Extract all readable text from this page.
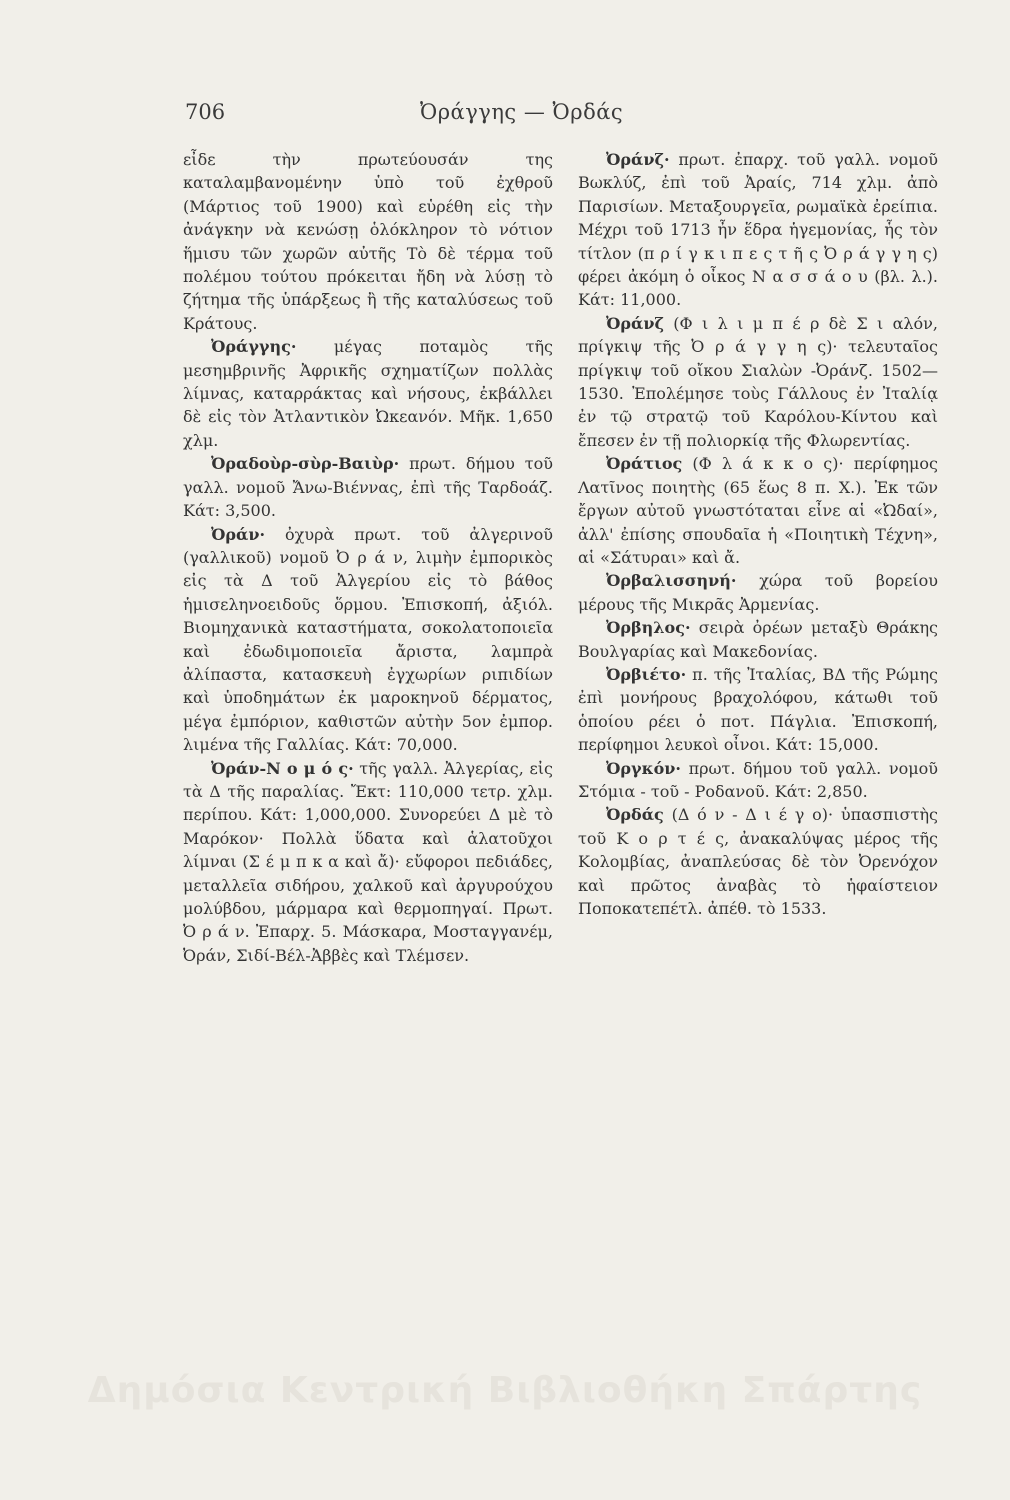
706	Ὀράγγης — Ὀρδάς

εἶδε τὴν πρωτεύουσάν της καταλαμβανομένην ὑπὸ τοῦ ἐχθροῦ (Μάρτιος τοῦ 1900) καὶ εὑρέθη εἰς τὴν ἀνάγκην νὰ κενώσῃ ὁλόκληρον τὸ νότιον ἥμισυ τῶν χωρῶν αὐτῆς Τὸ δὲ τέρμα τοῦ πολέμου τούτου πρόκειται ἤδη νὰ λύσῃ τὸ ζήτημα τῆς ὑπάρξεως ἢ τῆς καταλύσεως τοῦ Κράτους.

Ὀράγγης· μέγας ποταμὸς τῆς μεσημβρινῆς Ἀφρικῆς σχηματίζων πολλὰς λίμνας, καταρράκτας καὶ νήσους, ἐκβάλλει δὲ εἰς τὸν Ἀτλαντικὸν Ὠκεανόν. Μῆκ. 1,650 χλμ.

Ὀραδοὺρ-σὺρ-Βαιὺρ· πρωτ. δήμου τοῦ γαλλ. νομοῦ Ἄνω-Βιέννας, ἐπὶ τῆς Ταρδοάζ. Κάτ: 3,500.

Ὀράν· ὀχυρὰ πρωτ. τοῦ ἀλγερινοῦ (γαλλικοῦ) νομοῦ Ὀ ρ ά ν, λιμὴν ἐμπορικὸς εἰς τὰ Δ τοῦ Ἀλγερίου εἰς τὸ βάθος ἡμισεληνοειδοῦς ὅρμου. Ἐπισκοπή, ἀξιόλ. Βιομηχανικὰ καταστήματα, σοκολατοποιεῖα καὶ ἐδωδιμοποιεῖα ἄριστα, λαμπρὰ ἀλίπαστα, κατασκευὴ ἐγχωρίων ριπιδίων καὶ ὑποδημάτων ἐκ μαροκηνοῦ δέρματος, μέγα ἐμπόριον, καθιστῶν αὐτὴν 5ον ἐμπορ. λιμένα τῆς Γαλλίας. Κάτ: 70,000.

Ὀράν-Ν ο μ ό ς· τῆς γαλλ. Ἀλγερίας, εἰς τὰ Δ τῆς παραλίας. Ἔκτ: 110,000 τετρ. χλμ. περίπου. Κάτ: 1,000,000. Συνορεύει Δ μὲ τὸ Μαρόκον· Πολλὰ ὕδατα καὶ ἁλατοῦχοι λίμναι (Σ έ μ π κ α καὶ ἄ)· εὔφοροι πεδιάδες, μεταλλεῖα σιδήρου, χαλκοῦ καὶ ἀργυρούχου μολύβδου, μάρμαρα καὶ θερμοπηγαί. Πρωτ. Ὀ ρ ά ν. Ἐπαρχ. 5. Μάσκαρα, Μοσταγγανέμ, Ὀράν, Σιδί-Βέλ-Ἀββὲς καὶ Τλέμσεν.

Ὀράνζ· πρωτ. ἐπαρχ. τοῦ γαλλ. νομοῦ Βωκλύζ, ἐπὶ τοῦ Ἀραίς, 714 χλμ. ἀπὸ Παρισίων. Μεταξουργεῖα, ρωμαϊκὰ ἐρείπια. Μέχρι τοῦ 1713 ἦν ἕδρα ἡγεμονίας, ἧς τὸν τίτλον (π ρ ί γ κ ι π ε ς τ ῆ ς Ὀ ρ ά γ γ η ς) φέρει ἀκόμη ὁ οἶκος Ν α σ σ ά ο υ (βλ. λ.). Κάτ: 11,000.

Ὀράνζ (Φ ι λ ι μ π έ ρ δὲ Σ ι αλόν, πρίγκιψ τῆς Ὀ ρ ά γ γ η ς)· τελευταῖος πρίγκιψ τοῦ οἴκου Σιαλὼν -Ὀράνζ. 1502—1530. Ἐπολέμησε τοὺς Γάλλους ἐν Ἰταλίᾳ ἐν τῷ στρατῷ τοῦ Καρόλου-Κίντου καὶ ἔπεσεν ἐν τῇ πολιορκίᾳ τῆς Φλωρεντίας.

Ὀράτιος (Φ λ ά κ κ ο ς)· περίφημος Λατῖνος ποιητὴς (65 ἕως 8 π. Χ.). Ἐκ τῶν ἔργων αὐτοῦ γνωστόταται εἶνε αἱ «Ὠδαί», ἀλλ' ἐπίσης σπουδαῖα ἡ «Ποιητικὴ Τέχνη», αἱ «Σάτυραι» καὶ ἄ.

Ὀρβαλισσηνή· χώρα τοῦ βορείου μέρους τῆς Μικρᾶς Ἀρμενίας.

Ὀρβηλος· σειρὰ ὀρέων μεταξὺ Θράκης Βουλγαρίας καὶ Μακεδονίας.

Ὀρβιέτο· π. τῆς Ἰταλίας, ΒΔ τῆς Ρώμης ἐπὶ μονήρους βραχολόφου, κάτωθι τοῦ ὁποίου ρέει ὁ ποτ. Πάγλια. Ἐπισκοπή, περίφημοι λευκοὶ οἶνοι. Κάτ: 15,000.

Ὀργκόν· πρωτ. δήμου τοῦ γαλλ. νομοῦ Στόμια - τοῦ - Ροδανοῦ. Κάτ: 2,850.

Ὀρδάς (Δ ό ν - Δ ι έ γ ο)· ὑπασπιστὴς τοῦ Κ ο ρ τ έ ς, ἀνακαλύψας μέρος τῆς Κολομβίας, ἀναπλεύσας δὲ τὸν Ὀρενόχον καὶ πρῶτος ἀναβὰς τὸ ἡφαίστειον Ποποκατεπέτλ. ἀπέθ. τὸ 1533.

Δημόσια Κεντρική Βιβλιοθήκη Σπάρτης
